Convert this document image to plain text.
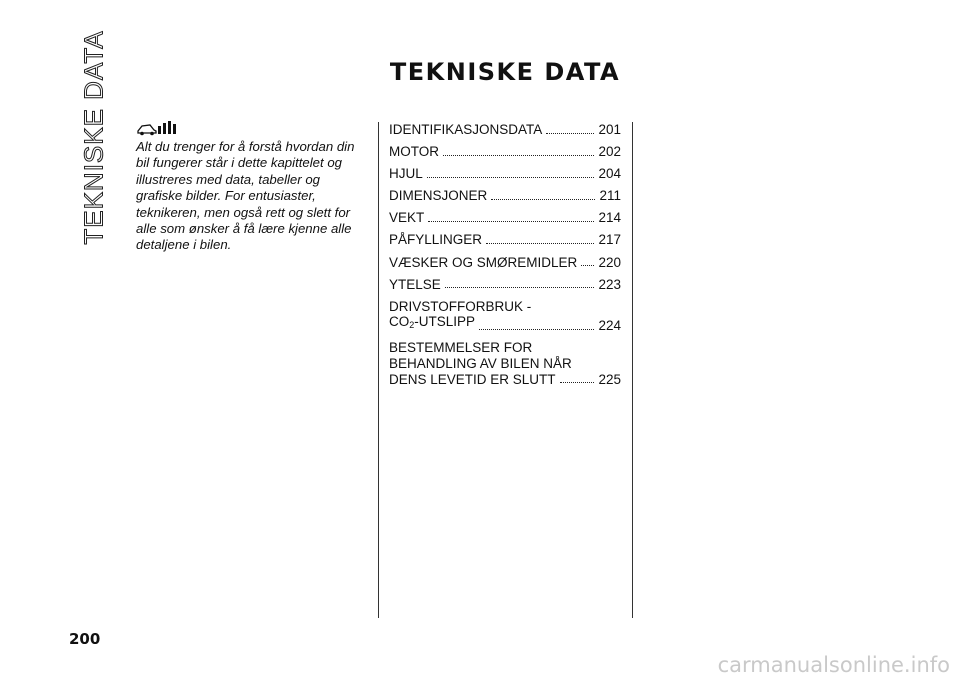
TEKNISKE DATA	TEKNISKE DATA
Alt du trenger for å forstå hvordan din bil fungerer står i dette kapittelet og illustreres med data, tabeller og grafiske bilder. For entusiaster, teknikeren, men også rett og slett for alle som ønsker å få lære kjenne alle detaljene i bilen.
IDENTIFIKASJONSDATA	201
MOTOR	202
HJUL	204
DIMENSJONER	211
VEKT	214
PÅFYLLINGER	217
VÆSKER OG SMØREMIDLER 220
YTELSE	223
DRIVSTOFFORBRUK -
$CO_2$-UTSLIPP	224
BESTEMMELSER FOR
BEHANDLING AV BILEN NÅR
DENS LEVETID ER SLUTT	225
200
carmanualsonline.info
